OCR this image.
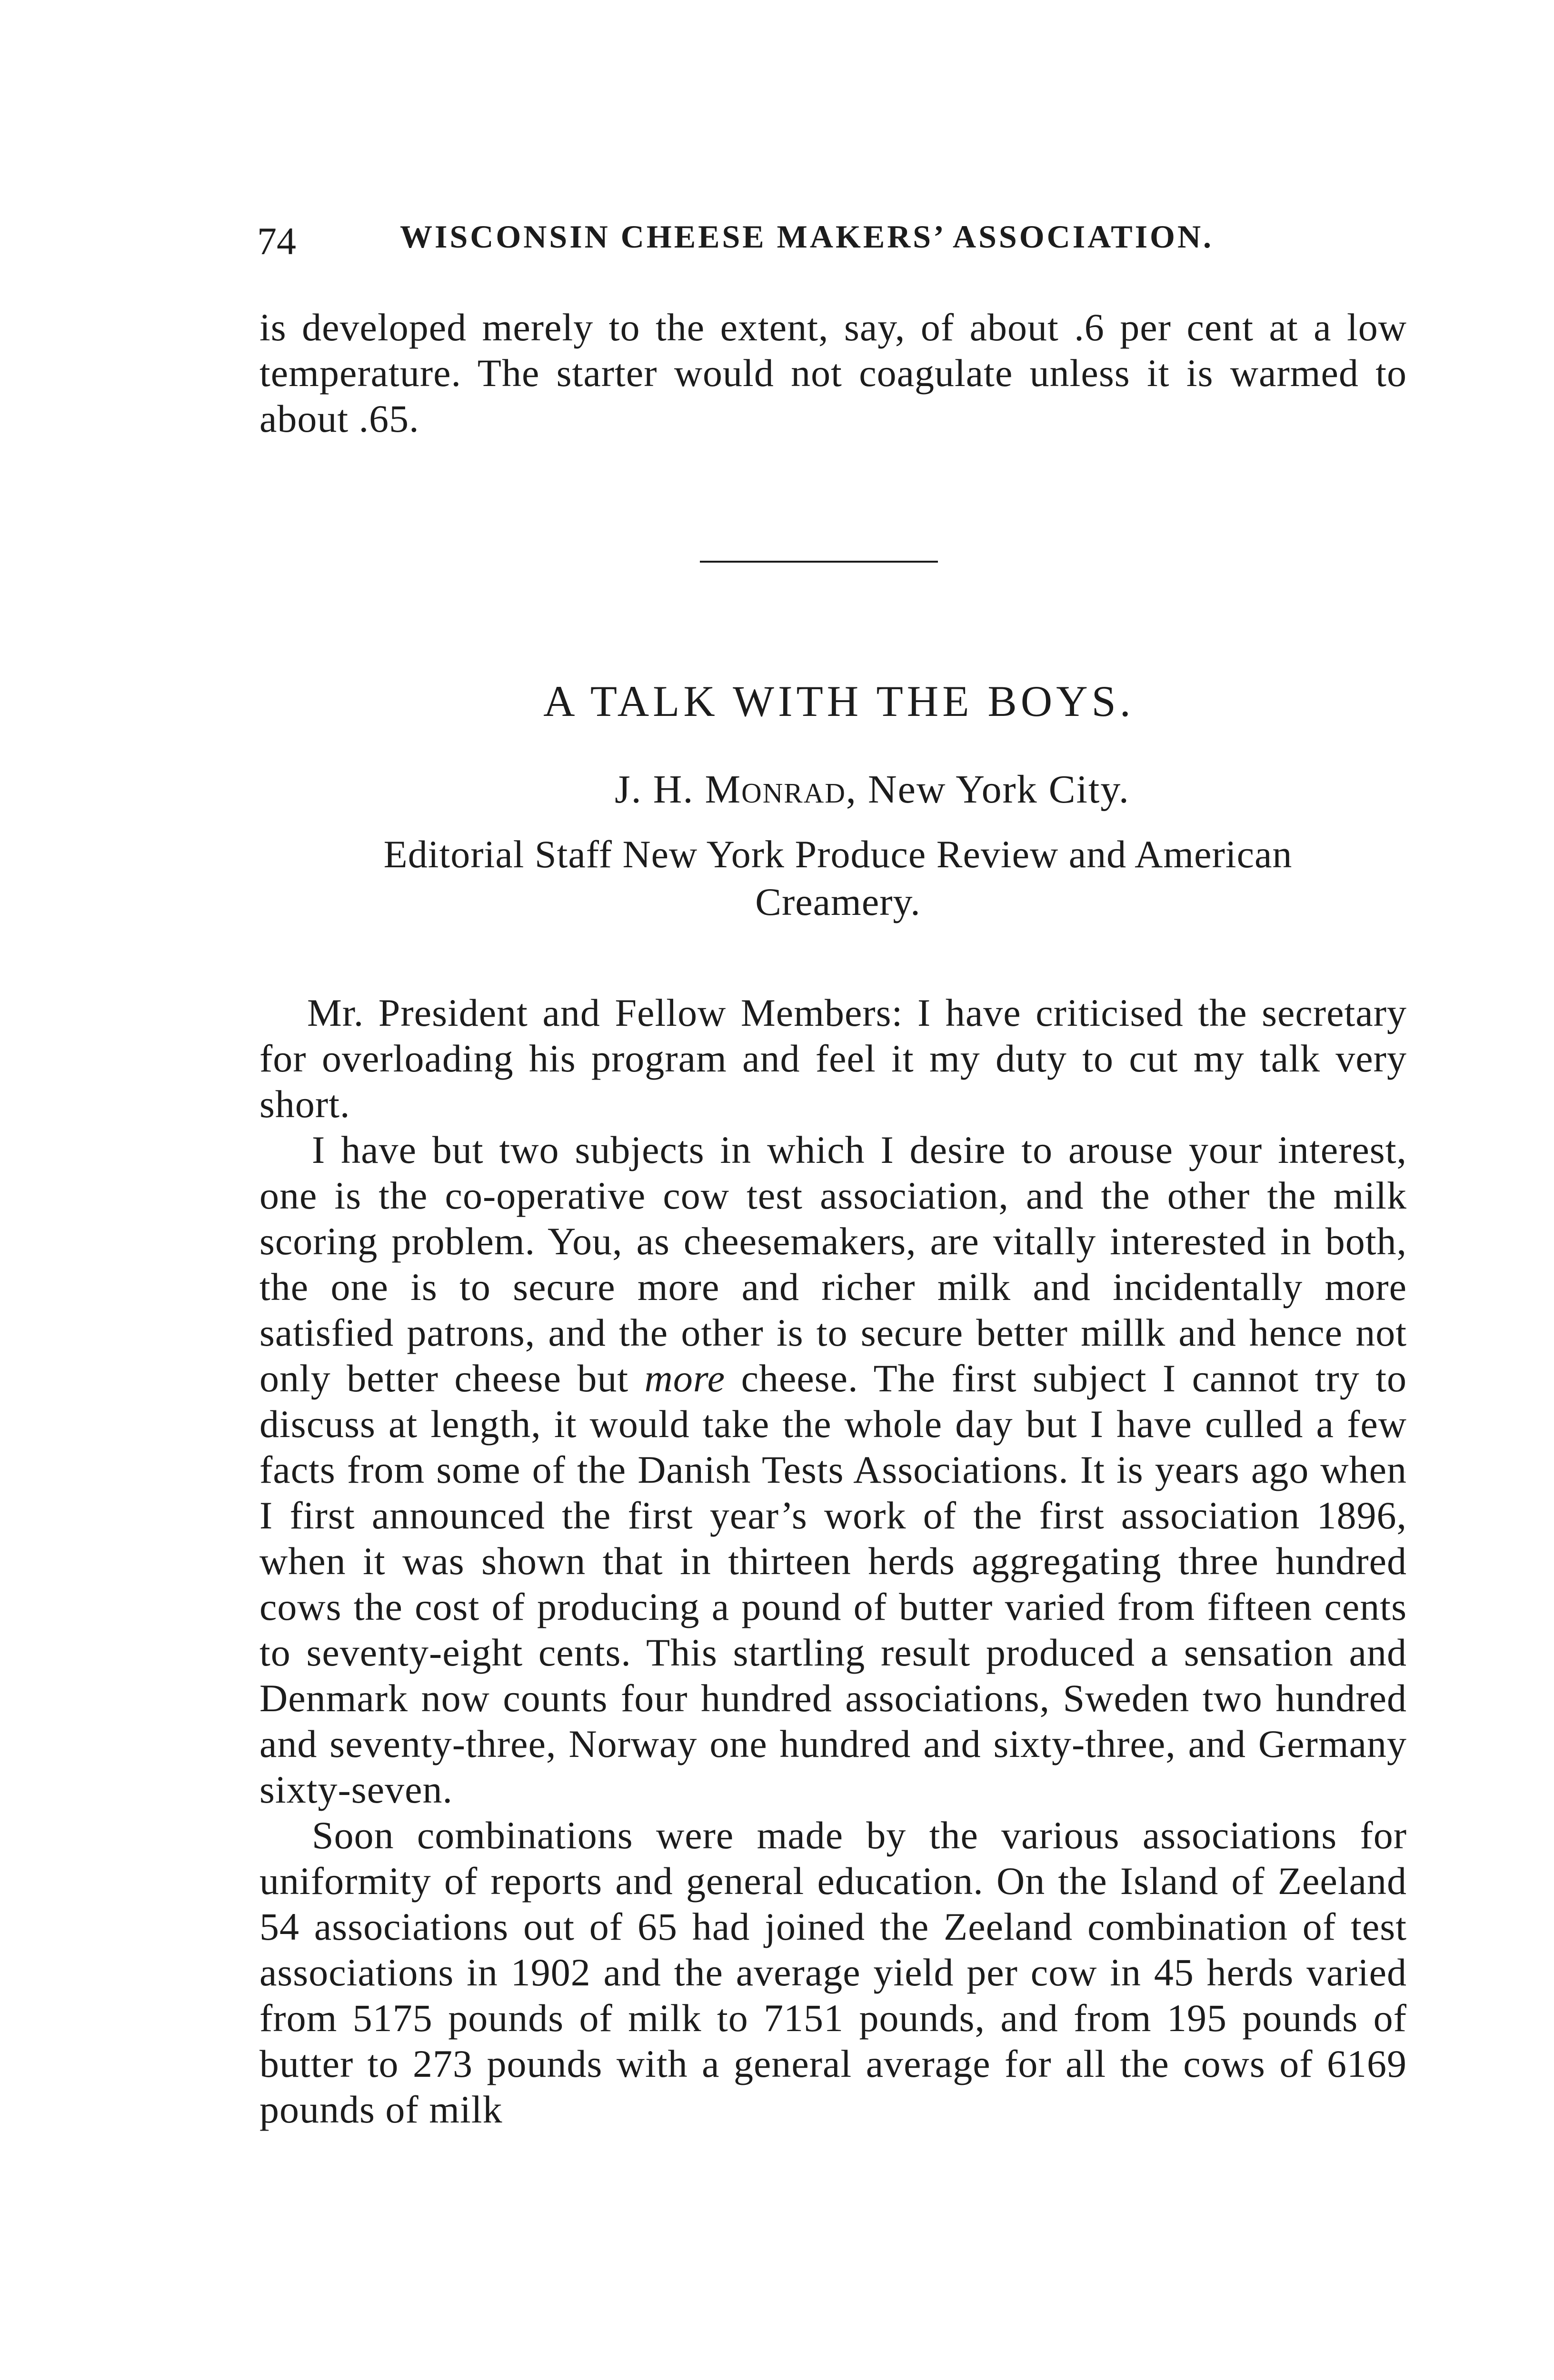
74	WISCONSIN CHEESE MAKERS’ ASSOCIATION.

is developed merely to the extent, say, of about .6 per cent at a low temperature. The starter would not coagulate unless it is warmed to about .65.

A TALK WITH THE BOYS.
J. H. Monrad, New York City.
Editorial Staff New York Produce Review and American Creamery.

Mr. President and Fellow Members: I have criticised the secretary for overloading his program and feel it my duty to cut my talk very short.

I have but two subjects in which I desire to arouse your interest, one is the co-operative cow test association, and the other the milk scoring problem. You, as cheesemakers, are vitally interested in both, the one is to secure more and richer milk and incidentally more satisfied patrons, and the other is to secure better millk and hence not only better cheese but more cheese. The first subject I cannot try to discuss at length, it would take the whole day but I have culled a few facts from some of the Danish Tests Associations. It is years ago when I first announced the first year’s work of the first association 1896, when it was shown that in thirteen herds aggregating three hundred cows the cost of producing a pound of butter varied from fifteen cents to seventy-eight cents. This startling result produced a sensation and Denmark now counts four hundred associations, Sweden two hundred and seventy-three, Norway one hundred and sixty-three, and Germany sixty-seven.

Soon combinations were made by the various associations for uniformity of reports and general education. On the Island of Zeeland 54 associations out of 65 had joined the Zeeland combination of test associations in 1902 and the average yield per cow in 45 herds varied from 5175 pounds of milk to 7151 pounds, and from 195 pounds of butter to 273 pounds with a general average for all the cows of 6169 pounds of milk
